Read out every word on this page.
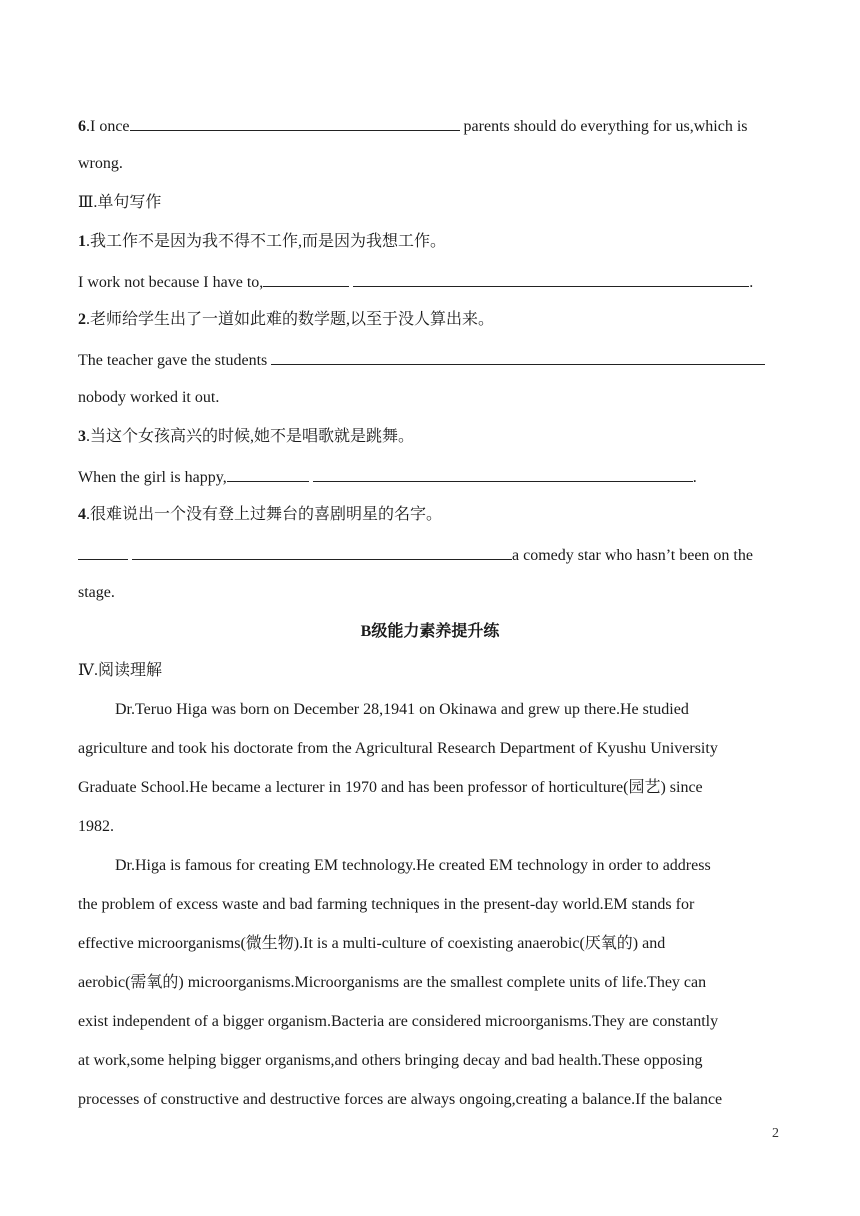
6.I once	parents should do everything for us,which is
wrong.
Ⅲ.单句写作
1.我工作不是因为我不得不工作,而是因为我想工作。
I work not because I have to,	.
2.老师给学生出了一道如此难的数学题,以至于没人算出来。
The teacher gave the students
nobody worked it out.
3.当这个女孩高兴的时候,她不是唱歌就是跳舞。
When the girl is happy,	.
4.很难说出一个没有登上过舞台的喜剧明星的名字。
a comedy star who hasn’t been on the
stage.
B级能力素养提升练
Ⅳ.阅读理解
Dr.Teruo Higa was born on December 28,1941 on Okinawa and grew up there.He studied
agriculture and took his doctorate from the Agricultural Research Department of Kyushu University
Graduate School.He became a lecturer in 1970 and has been professor of horticulture(园艺) since
1982.
Dr.Higa is famous for creating EM technology.He created EM technology in order to address
the problem of excess waste and bad farming techniques in the present-day world.EM stands for
effective microorganisms(微生物).It is a multi-culture of coexisting anaerobic(厌氧的) and
aerobic(需氧的) microorganisms.Microorganisms are the smallest complete units of life.They can
exist independent of a bigger organism.Bacteria are considered microorganisms.They are constantly
at work,some helping bigger organisms,and others bringing decay and bad health.These opposing
processes of constructive and destructive forces are always ongoing,creating a balance.If the balance
2
